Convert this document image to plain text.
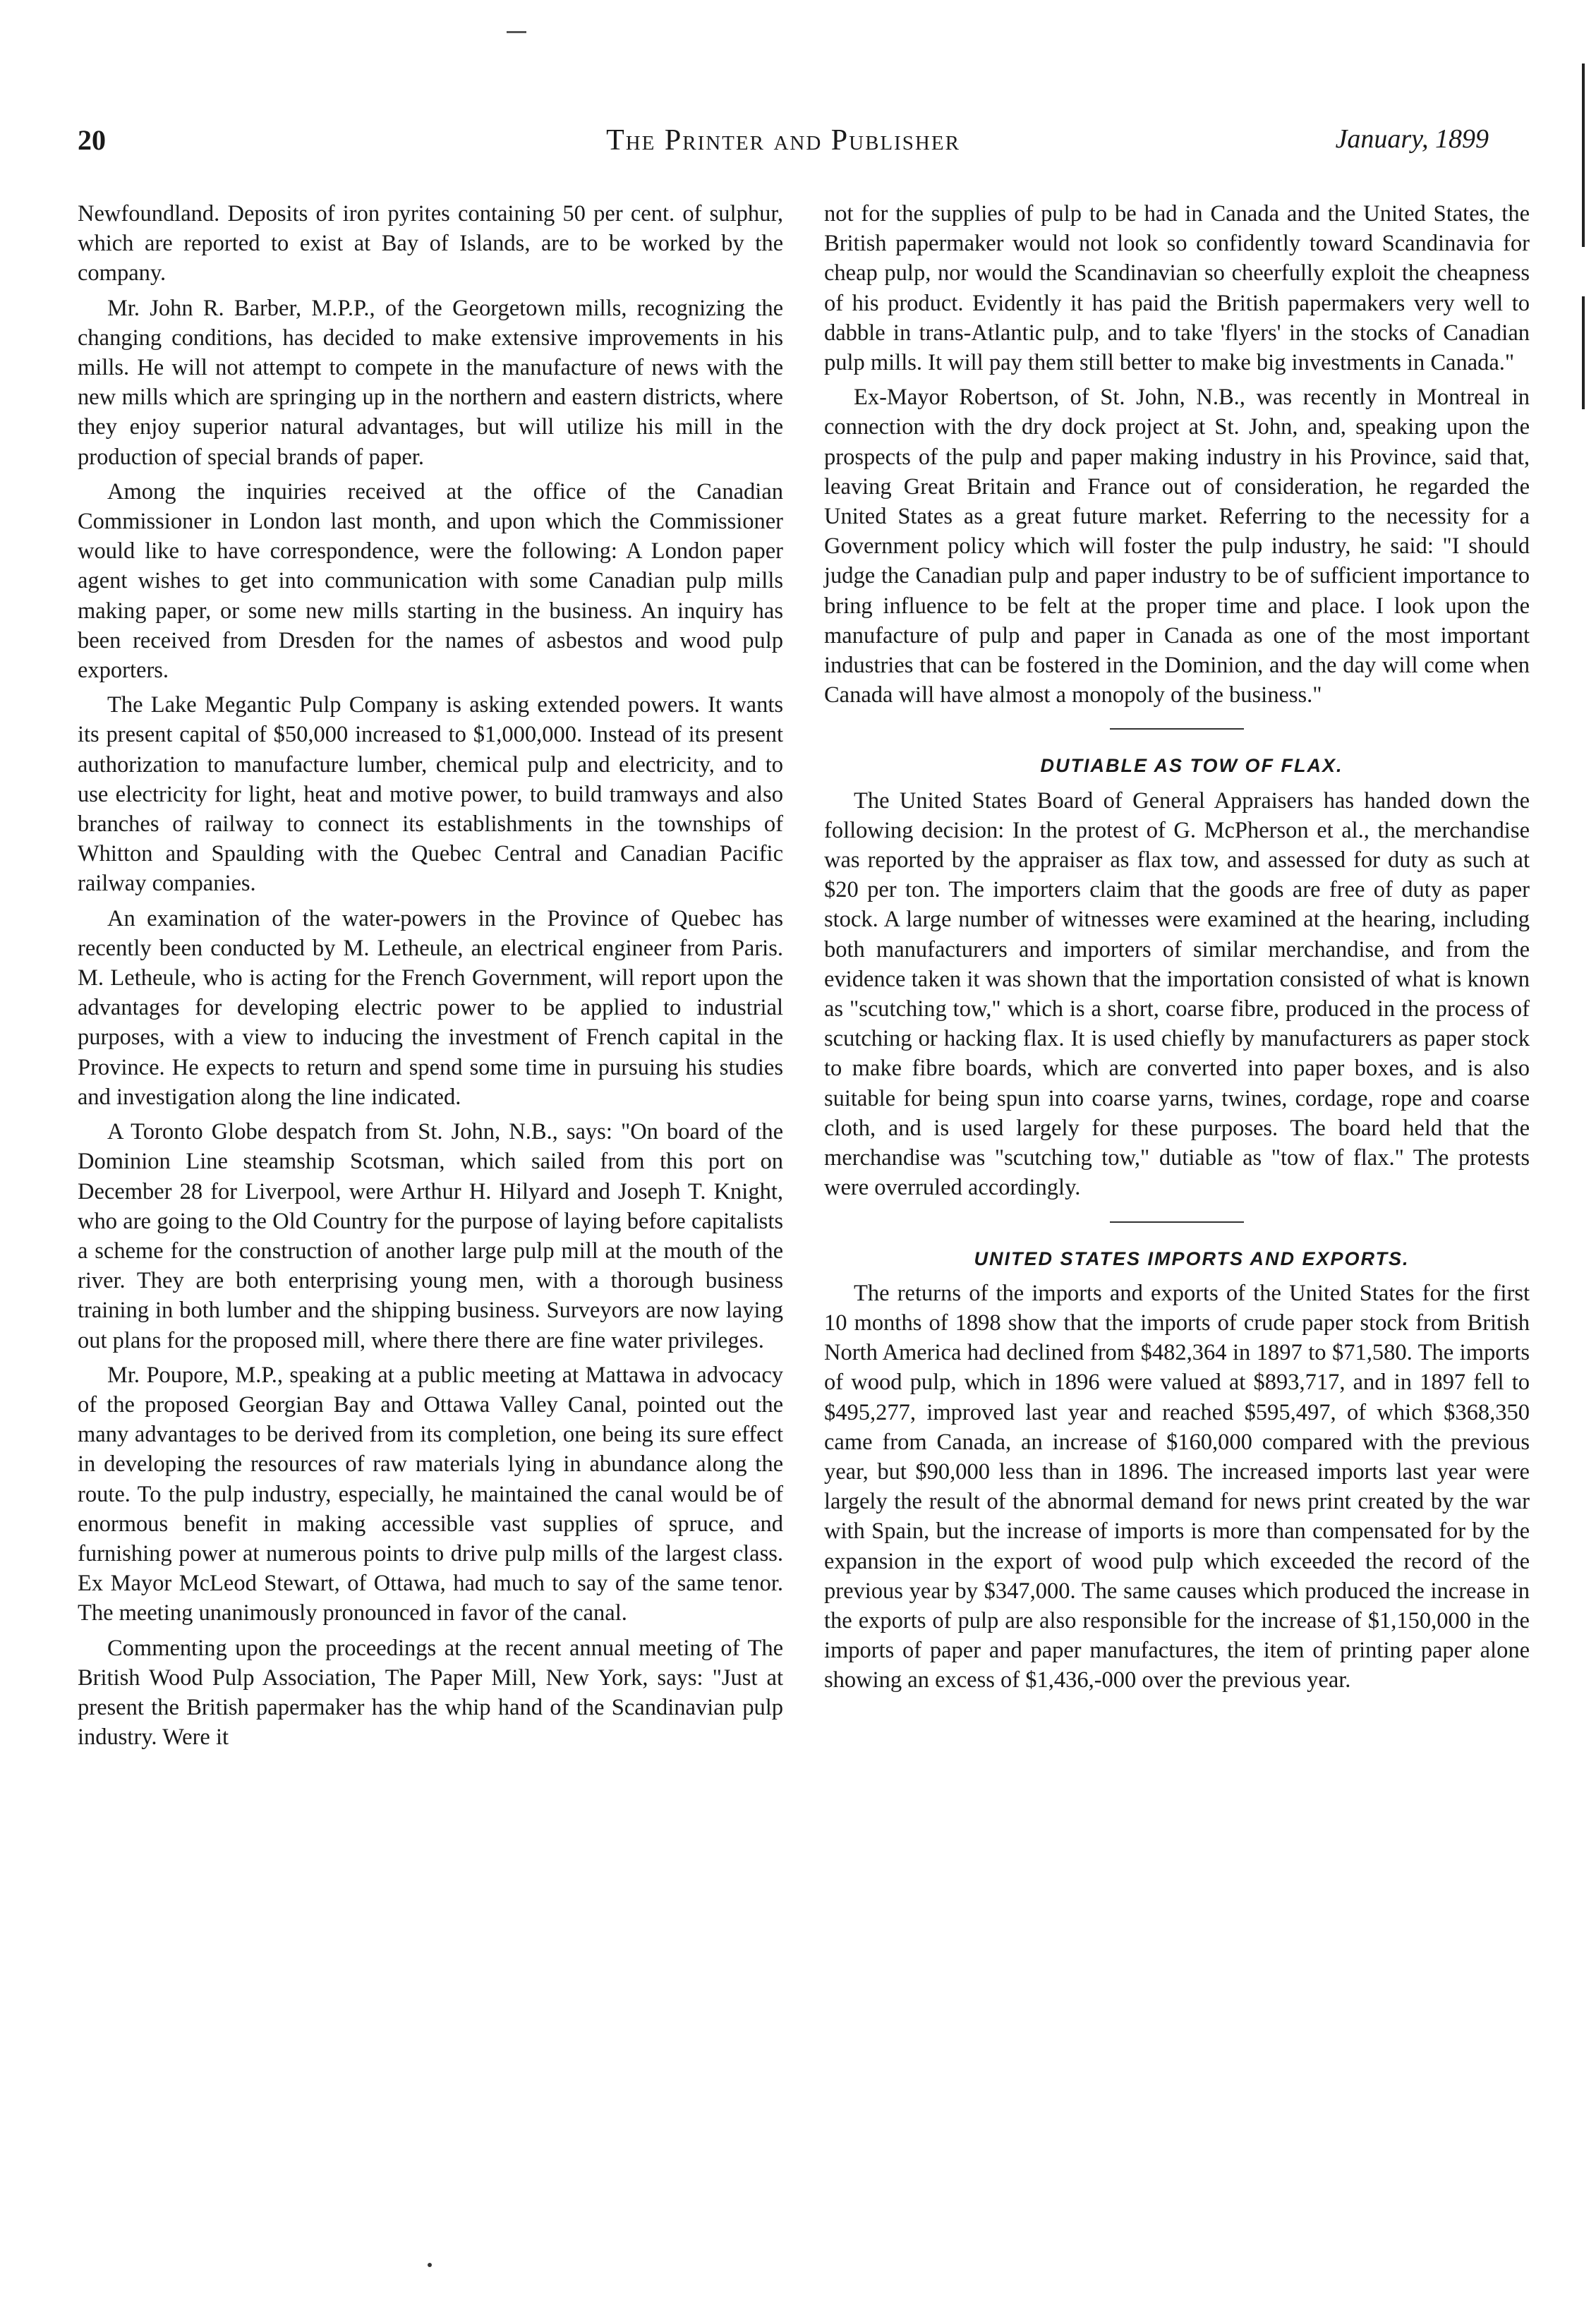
20	The Printer and Publisher	January, 1899

Newfoundland. Deposits of iron pyrites containing 50 per cent. of sulphur, which are reported to exist at Bay of Islands, are to be worked by the company.

Mr. John R. Barber, M.P.P., of the Georgetown mills, recognizing the changing conditions, has decided to make extensive improvements in his mills. He will not attempt to compete in the manufacture of news with the new mills which are springing up in the northern and eastern districts, where they enjoy superior natural advantages, but will utilize his mill in the production of special brands of paper.

Among the inquiries received at the office of the Canadian Commissioner in London last month, and upon which the Commissioner would like to have correspondence, were the following: A London paper agent wishes to get into communication with some Canadian pulp mills making paper, or some new mills starting in the business. An inquiry has been received from Dresden for the names of asbestos and wood pulp exporters.

The Lake Megantic Pulp Company is asking extended powers. It wants its present capital of $50,000 increased to $1,000,000. Instead of its present authorization to manufacture lumber, chemical pulp and electricity, and to use electricity for light, heat and motive power, to build tramways and also branches of railway to connect its establishments in the townships of Whitton and Spaulding with the Quebec Central and Canadian Pacific railway companies.

An examination of the water-powers in the Province of Quebec has recently been conducted by M. Letheule, an electrical engineer from Paris. M. Letheule, who is acting for the French Government, will report upon the advantages for developing electric power to be applied to industrial purposes, with a view to inducing the investment of French capital in the Province. He expects to return and spend some time in pursuing his studies and investigation along the line indicated.

A Toronto Globe despatch from St. John, N.B., says: "On board of the Dominion Line steamship Scotsman, which sailed from this port on December 28 for Liverpool, were Arthur H. Hilyard and Joseph T. Knight, who are going to the Old Country for the purpose of laying before capitalists a scheme for the construction of another large pulp mill at the mouth of the river. They are both enterprising young men, with a thorough business training in both lumber and the shipping business. Surveyors are now laying out plans for the proposed mill, where there there are fine water privileges.

Mr. Poupore, M.P., speaking at a public meeting at Mattawa in advocacy of the proposed Georgian Bay and Ottawa Valley Canal, pointed out the many advantages to be derived from its completion, one being its sure effect in developing the resources of raw materials lying in abundance along the route. To the pulp industry, especially, he maintained the canal would be of enormous benefit in making accessible vast supplies of spruce, and furnishing power at numerous points to drive pulp mills of the largest class. Ex Mayor McLeod Stewart, of Ottawa, had much to say of the same tenor. The meeting unanimously pronounced in favor of the canal.

Commenting upon the proceedings at the recent annual meeting of The British Wood Pulp Association, The Paper Mill, New York, says: "Just at present the British papermaker has the whip hand of the Scandinavian pulp industry. Were it

not for the supplies of pulp to be had in Canada and the United States, the British papermaker would not look so confidently toward Scandinavia for cheap pulp, nor would the Scandinavian so cheerfully exploit the cheapness of his product. Evidently it has paid the British papermakers very well to dabble in trans-Atlantic pulp, and to take 'flyers' in the stocks of Canadian pulp mills. It will pay them still better to make big investments in Canada."

Ex-Mayor Robertson, of St. John, N.B., was recently in Montreal in connection with the dry dock project at St. John, and, speaking upon the prospects of the pulp and paper making industry in his Province, said that, leaving Great Britain and France out of consideration, he regarded the United States as a great future market. Referring to the necessity for a Government policy which will foster the pulp industry, he said: "I should judge the Canadian pulp and paper industry to be of sufficient importance to bring influence to be felt at the proper time and place. I look upon the manufacture of pulp and paper in Canada as one of the most important industries that can be fostered in the Dominion, and the day will come when Canada will have almost a monopoly of the business."

DUTIABLE AS TOW OF FLAX.

The United States Board of General Appraisers has handed down the following decision: In the protest of G. McPherson et al., the merchandise was reported by the appraiser as flax tow, and assessed for duty as such at $20 per ton. The importers claim that the goods are free of duty as paper stock. A large number of witnesses were examined at the hearing, including both manufacturers and importers of similar merchandise, and from the evidence taken it was shown that the importation consisted of what is known as "scutching tow," which is a short, coarse fibre, produced in the process of scutching or hacking flax. It is used chiefly by manufacturers as paper stock to make fibre boards, which are converted into paper boxes, and is also suitable for being spun into coarse yarns, twines, cordage, rope and coarse cloth, and is used largely for these purposes. The board held that the merchandise was "scutching tow," dutiable as "tow of flax." The protests were overruled accordingly.

UNITED STATES IMPORTS AND EXPORTS.

The returns of the imports and exports of the United States for the first 10 months of 1898 show that the imports of crude paper stock from British North America had declined from $482,364 in 1897 to $71,580. The imports of wood pulp, which in 1896 were valued at $893,717, and in 1897 fell to $495,277, improved last year and reached $595,497, of which $368,350 came from Canada, an increase of $160,000 compared with the previous year, but $90,000 less than in 1896. The increased imports last year were largely the result of the abnormal demand for news print created by the war with Spain, but the increase of imports is more than compensated for by the expansion in the export of wood pulp which exceeded the record of the previous year by $347,000. The same causes which produced the increase in the exports of pulp are also responsible for the increase of $1,150,000 in the imports of paper and paper manufactures, the item of printing paper alone showing an excess of $1,436,-000 over the previous year.
